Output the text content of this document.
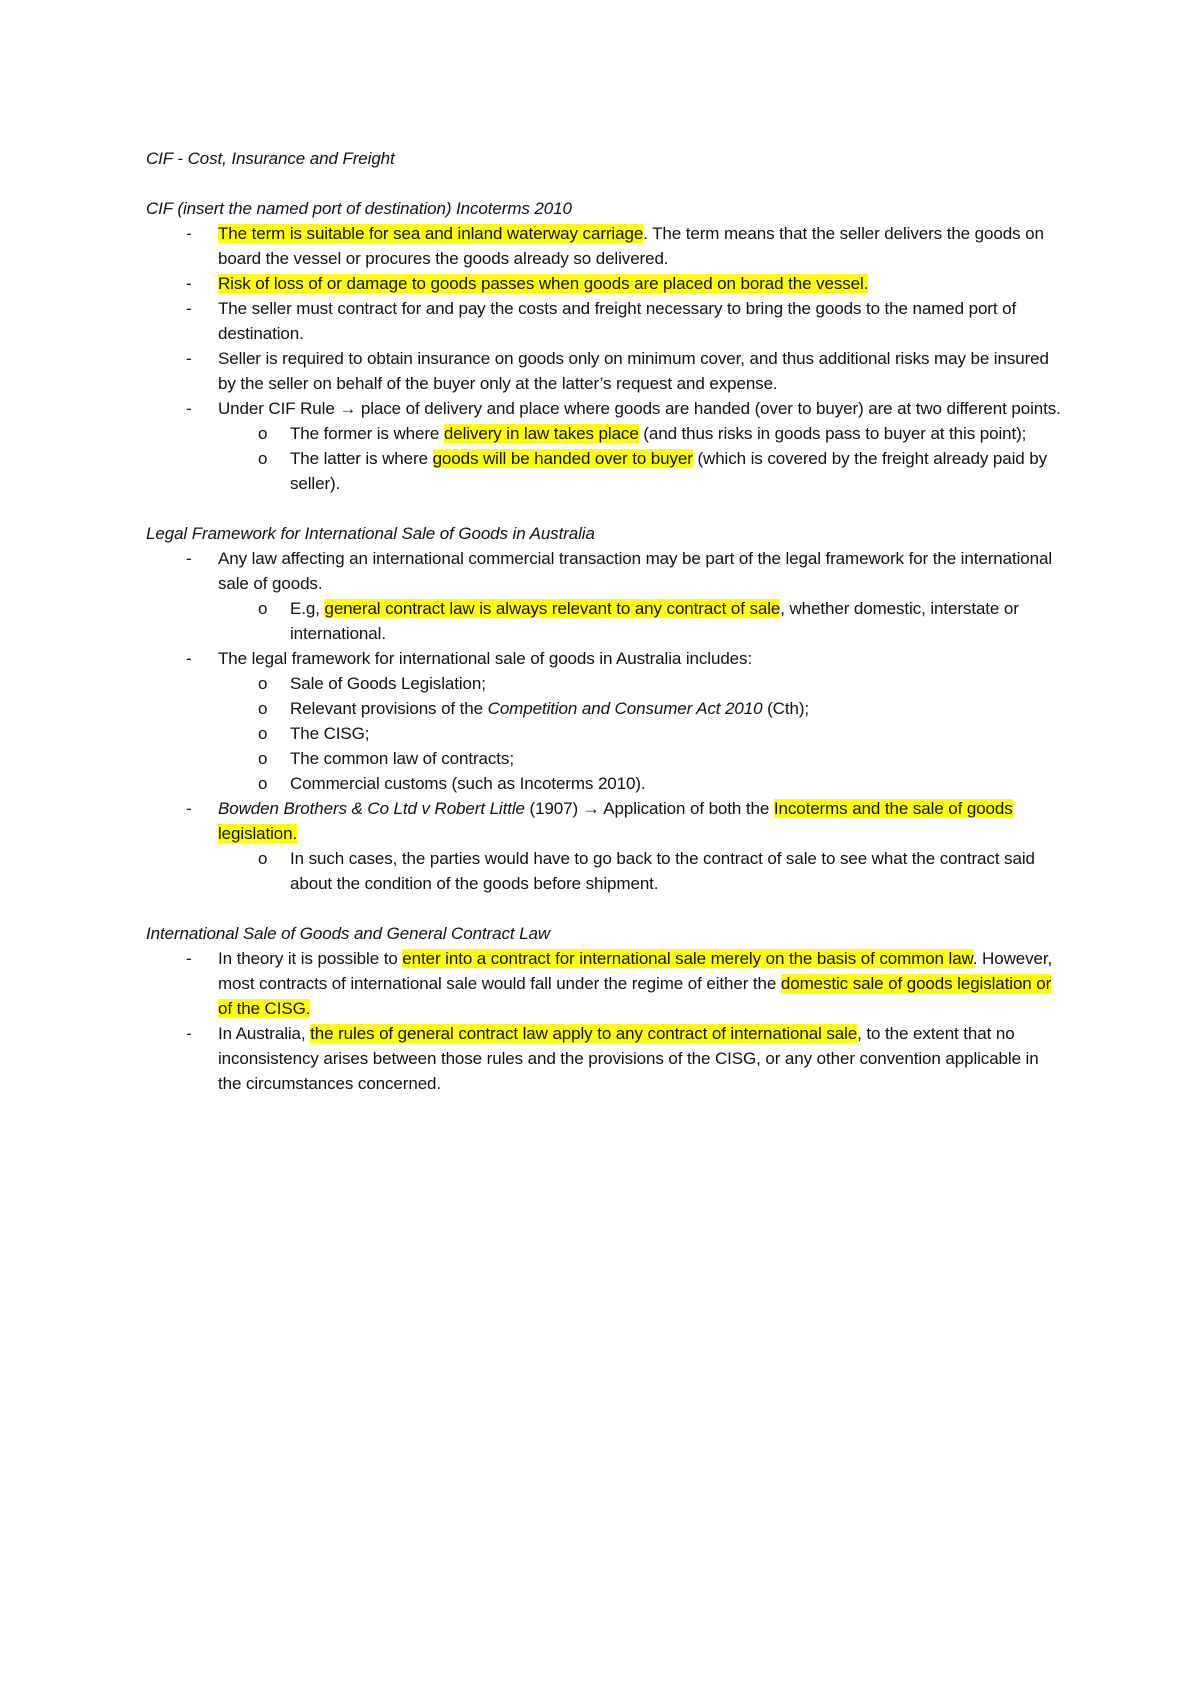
CIF - Cost, Insurance and Freight

CIF (insert the named port of destination) Incoterms 2010

- The term is suitable for sea and inland waterway carriage. The term means that the seller delivers the goods on board the vessel or procures the goods already so delivered.
- Risk of loss of or damage to goods passes when goods are placed on borad the vessel.
- The seller must contract for and pay the costs and freight necessary to bring the goods to the named port of destination.
- Seller is required to obtain insurance on goods only on minimum cover, and thus additional risks may be insured by the seller on behalf of the buyer only at the latter’s request and expense.
- Under CIF Rule → place of delivery and place where goods are handed (over to buyer) are at two different points.
o The former is where delivery in law takes place (and thus risks in goods pass to buyer at this point);
o The latter is where goods will be handed over to buyer (which is covered by the freight already paid by seller).

Legal Framework for International Sale of Goods in Australia

- Any law affecting an international commercial transaction may be part of the legal framework for the international sale of goods.
o E.g, general contract law is always relevant to any contract of sale, whether domestic, interstate or international.
- The legal framework for international sale of goods in Australia includes:
o Sale of Goods Legislation;
o Relevant provisions of the Competition and Consumer Act 2010 (Cth);
o The CISG;
o The common law of contracts;
o Commercial customs (such as Incoterms 2010).
- Bowden Brothers & Co Ltd v Robert Little (1907) → Application of both the Incoterms and the sale of goods legislation.
o In such cases, the parties would have to go back to the contract of sale to see what the contract said about the condition of the goods before shipment.

International Sale of Goods and General Contract Law

- In theory it is possible to enter into a contract for international sale merely on the basis of common law. However, most contracts of international sale would fall under the regime of either the domestic sale of goods legislation or of the CISG.
- In Australia, the rules of general contract law apply to any contract of international sale, to the extent that no inconsistency arises between those rules and the provisions of the CISG, or any other convention applicable in the circumstances concerned.
